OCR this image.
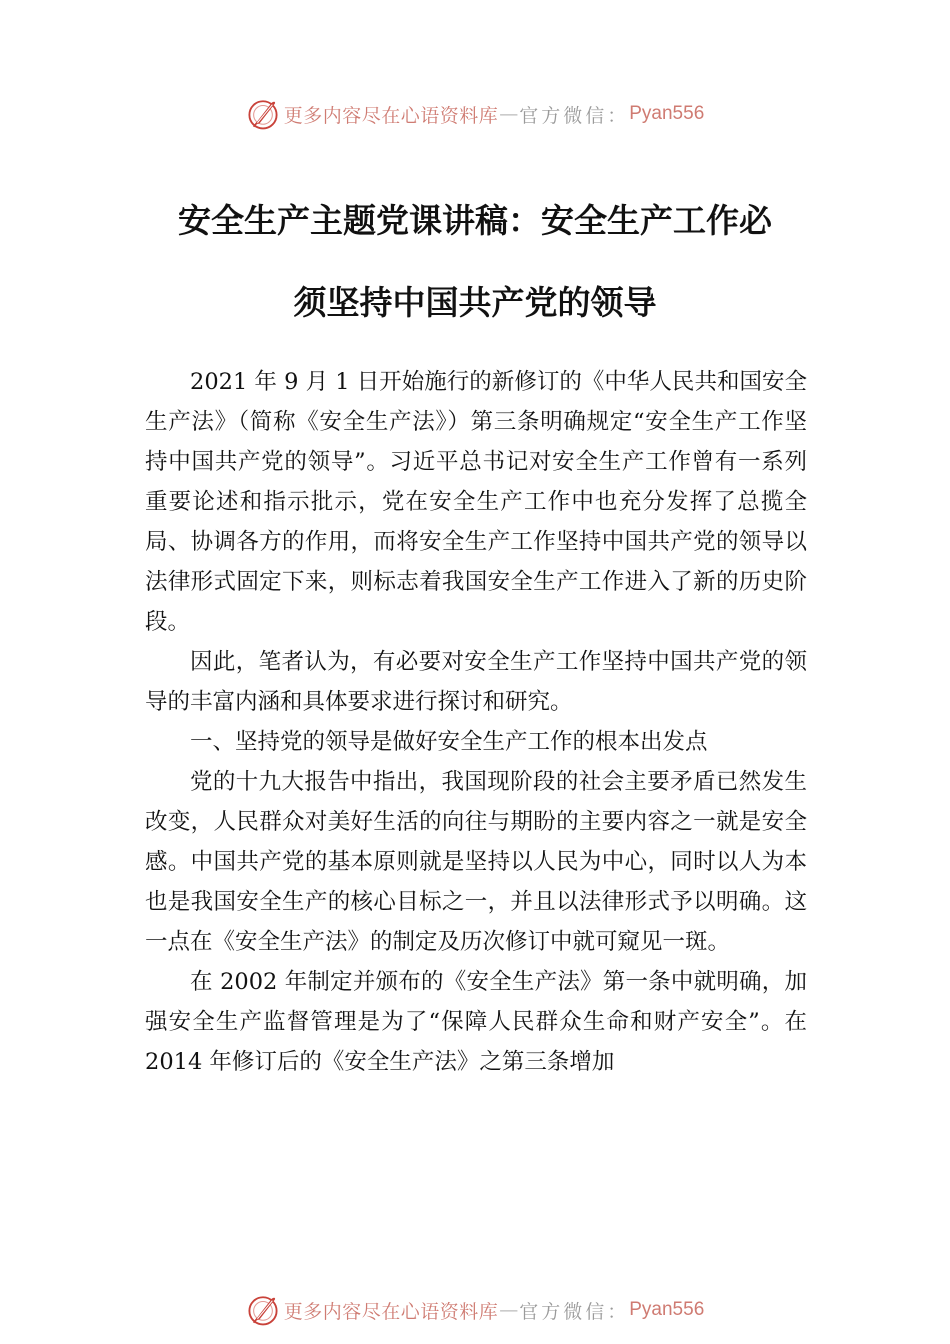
更多内容尽在心语资料库 — 官方微信： Pyan556
安全生产主题党课讲稿：安全生产工作必
须坚持中国共产党的领导

2021 年 9 月 1 日开始施行的新修订的《中华人民共和国安全生产法》（简称《安全生产法》）第三条明确规定“安全生产工作坚持中国共产党的领导”。习近平总书记对安全生产工作曾有一系列重要论述和指示批示，党在安全生产工作中也充分发挥了总揽全局、协调各方的作用，而将安全生产工作坚持中国共产党的领导以法律形式固定下来，则标志着我国安全生产工作进入了新的历史阶段。

因此，笔者认为，有必要对安全生产工作坚持中国共产党的领导的丰富内涵和具体要求进行探讨和研究。

一、坚持党的领导是做好安全生产工作的根本出发点

党的十九大报告中指出，我国现阶段的社会主要矛盾已然发生改变，人民群众对美好生活的向往与期盼的主要内容之一就是安全感。中国共产党的基本原则就是坚持以人民为中心，同时以人为本也是我国安全生产的核心目标之一，并且以法律形式予以明确。这一点在《安全生产法》的制定及历次修订中就可窥见一斑。

在 2002 年制定并颁布的《安全生产法》第一条中就明确，加强安全生产监督管理是为了“保障人民群众生命和财产安全”。在 2014 年修订后的《安全生产法》之第三条增加

更多内容尽在心语资料库 — 官方微信： Pyan556
